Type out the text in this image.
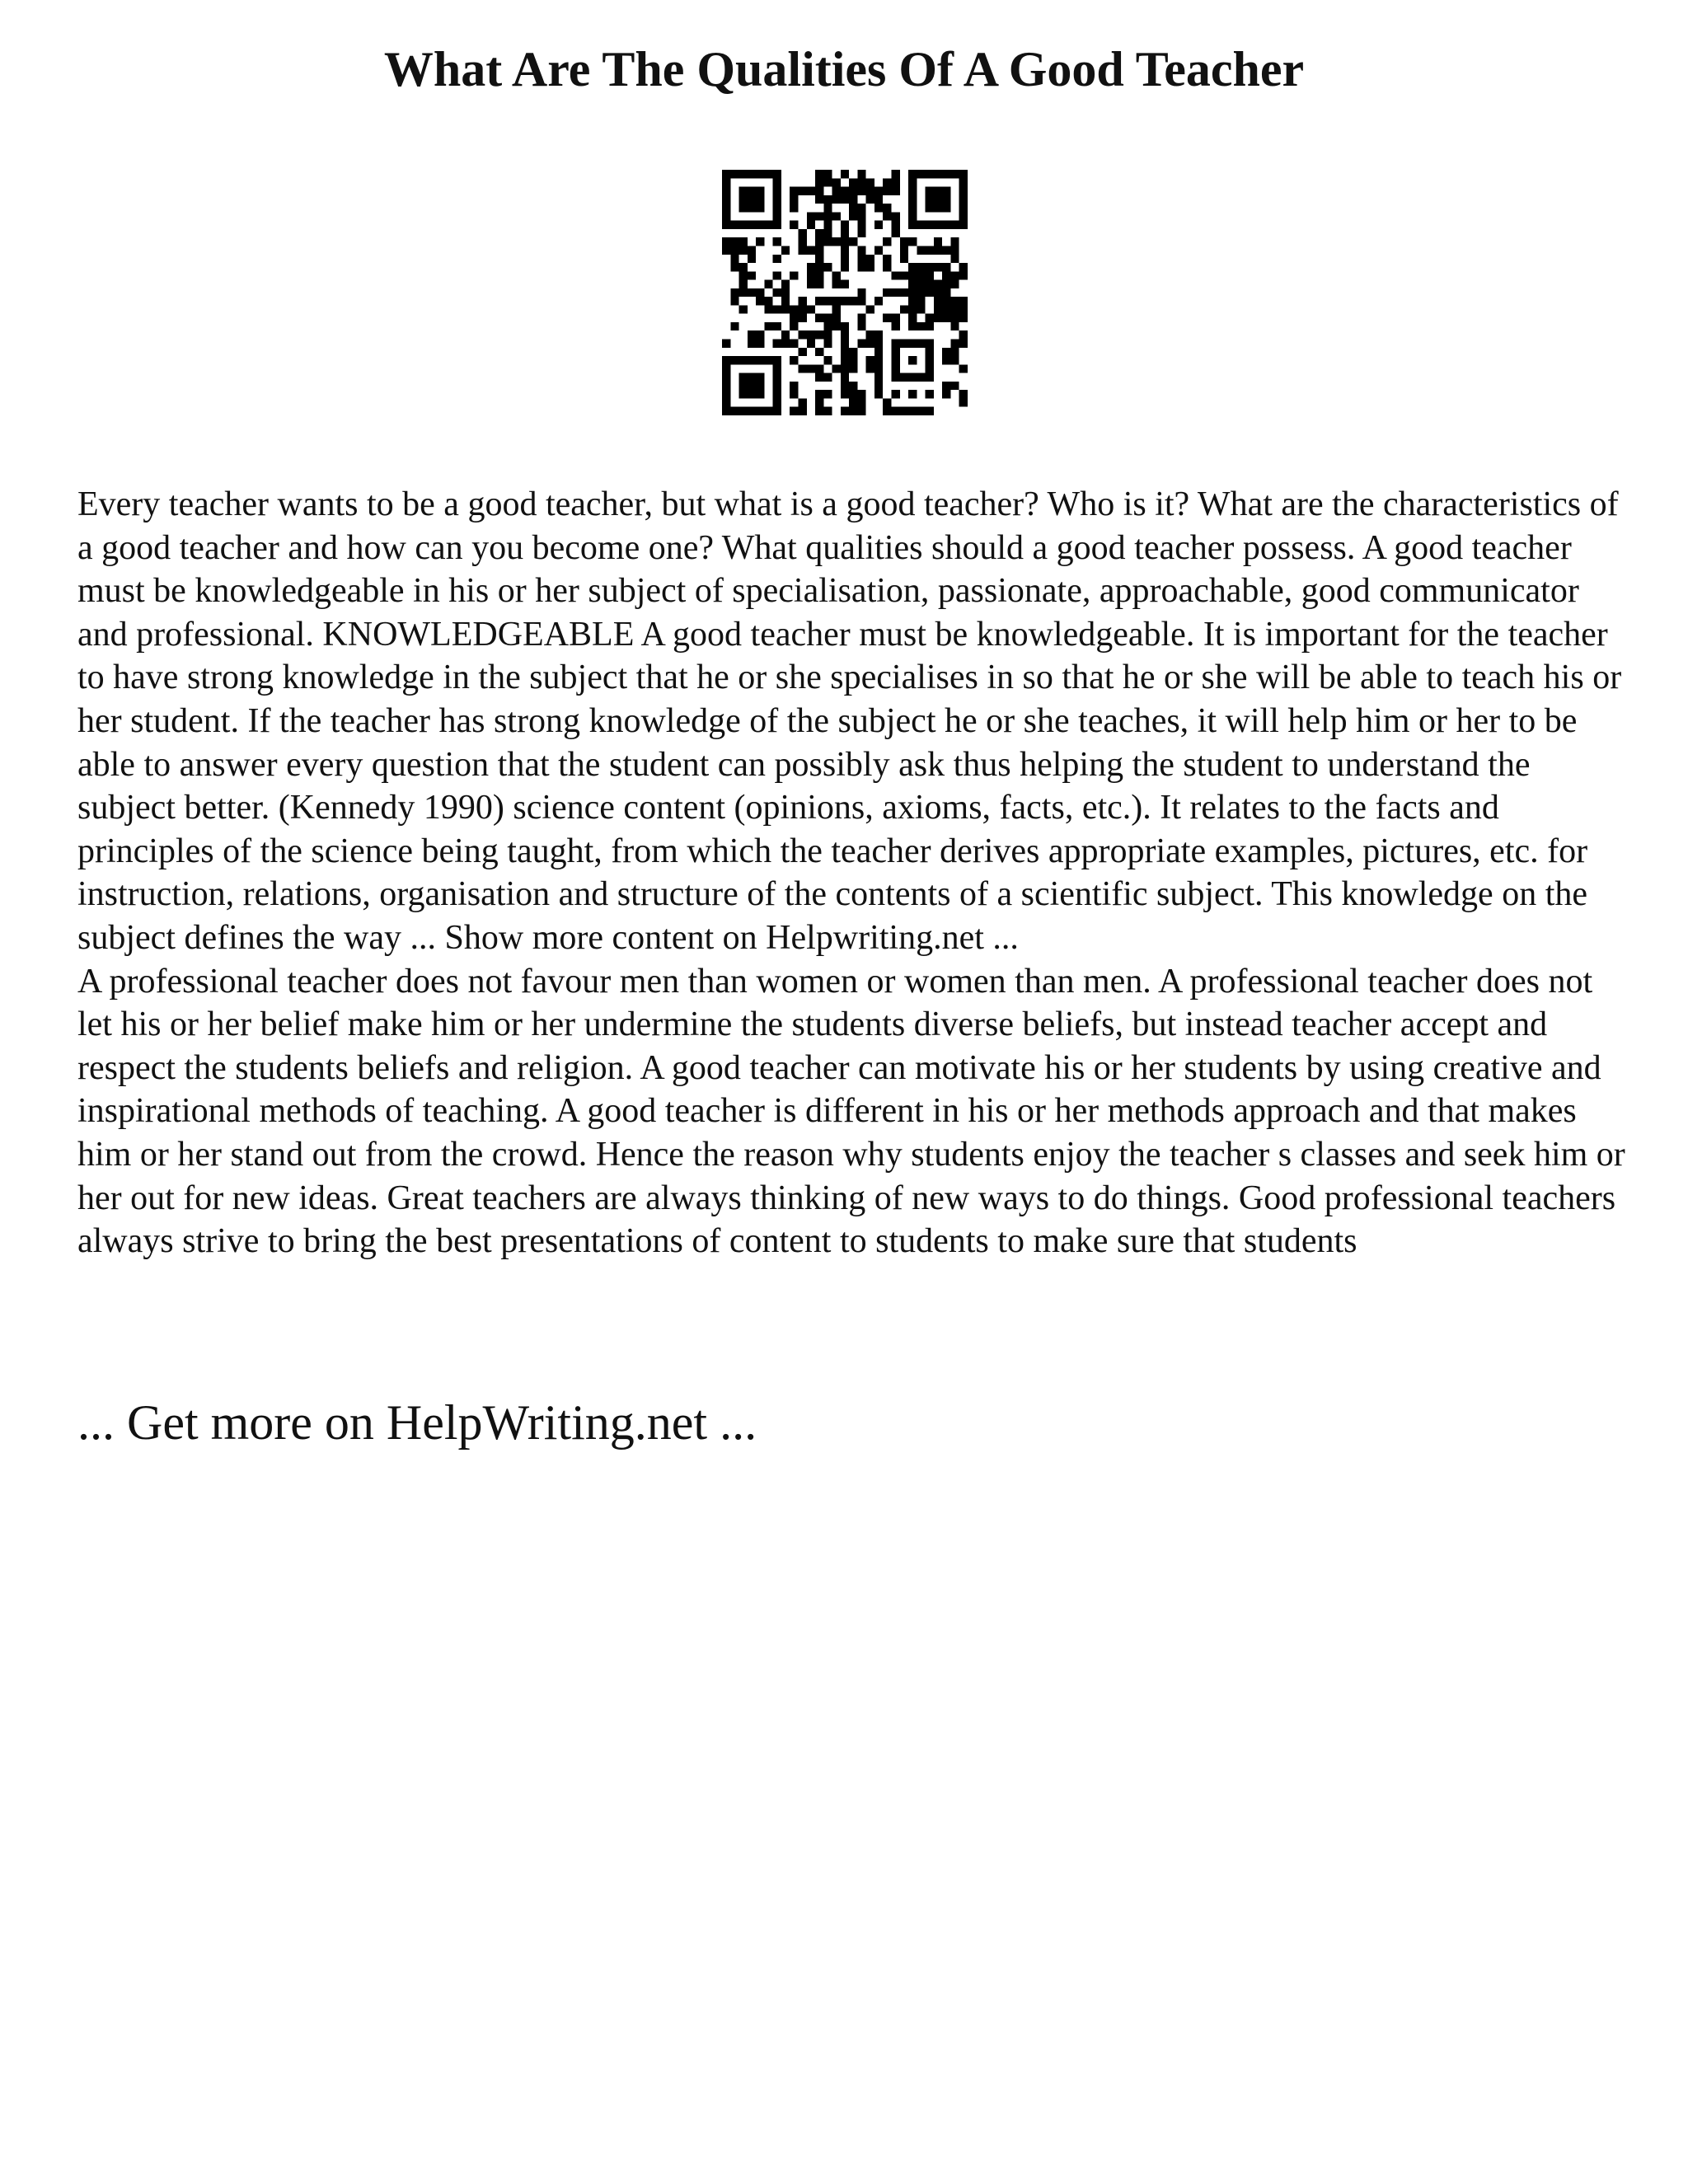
What Are The Qualities Of A Good Teacher

Every teacher wants to be a good teacher, but what is a good teacher? Who is it? What are the characteristics of a good teacher and how can you become one? What qualities should a good teacher possess. A good teacher must be knowledgeable in his or her subject of specialisation, passionate, approachable, good communicator and professional. KNOWLEDGEABLE A good teacher must be knowledgeable. It is important for the teacher to have strong knowledge in the subject that he or she specialises in so that he or she will be able to teach his or her student. If the teacher has strong knowledge of the subject he or she teaches, it will help him or her to be able to answer every question that the student can possibly ask thus helping the student to understand the subject better. (Kennedy 1990) science content (opinions, axioms, facts, etc.). It relates to the facts and principles of the science being taught, from which the teacher derives appropriate examples, pictures, etc. for instruction, relations, organisation and structure of the contents of a scientific subject. This knowledge on the subject defines the way ... Show more content on Helpwriting.net ...

A professional teacher does not favour men than women or women than men. A professional teacher does not let his or her belief make him or her undermine the students diverse beliefs, but instead teacher accept and respect the students beliefs and religion. A good teacher can motivate his or her students by using creative and inspirational methods of teaching. A good teacher is different in his or her methods approach and that makes him or her stand out from the crowd. Hence the reason why students enjoy the teacher s classes and seek him or her out for new ideas. Great teachers are always thinking of new ways to do things. Good professional teachers always strive to bring the best presentations of content to students to make sure that students

... Get more on HelpWriting.net ...
